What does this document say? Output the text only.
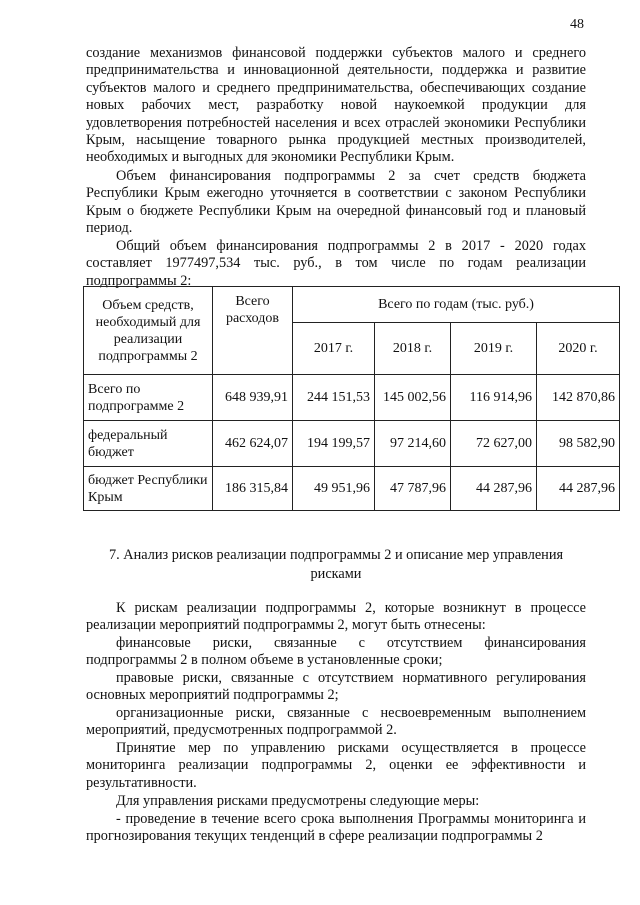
48

создание механизмов финансовой поддержки субъектов малого и среднего предпринимательства и инновационной деятельности, поддержка и развитие субъектов малого и среднего предпринимательства, обеспечивающих создание новых рабочих мест, разработку новой наукоемкой продукции для удовлетворения потребностей населения и всех отраслей экономики Республики Крым, насыщение товарного рынка продукцией местных производителей, необходимых и выгодных для экономики Республики Крым.

Объем финансирования подпрограммы 2 за счет средств бюджета Республики Крым ежегодно уточняется в соответствии с законом Республики Крым о бюджете Республики Крым на очередной финансовый год и плановый период.

Общий объем финансирования подпрограммы 2 в 2017 - 2020 годах составляет 1977497,534 тыс. руб., в том числе по годам реализации подпрограммы 2:

Объем средств, необходимый для реализации подпрограммы 2	Всего расходов	Всего по годам (тыс. руб.)			
		2017 г.	2018 г.	2019 г.	2020 г.
Всего по подпрограмме 2	648 939,91	244 151,53	145 002,56	116 914,96	142 870,86
федеральный бюджет	462 624,07	194 199,57	97 214,60	72 627,00	98 582,90
бюджет Республики Крым	186 315,84	49 951,96	47 787,96	44 287,96	44 287,96

7. Анализ рисков реализации подпрограммы 2 и описание мер управления рисками

К рискам реализации подпрограммы 2, которые возникнут в процессе реализации мероприятий подпрограммы 2, могут быть отнесены:

финансовые риски, связанные с отсутствием финансирования подпрограммы 2 в полном объеме в установленные сроки;

правовые риски, связанные с отсутствием нормативного регулирования основных мероприятий подпрограммы 2;

организационные риски, связанные с несвоевременным выполнением мероприятий, предусмотренных подпрограммой 2.

Принятие мер по управлению рисками осуществляется в процессе мониторинга реализации подпрограммы 2, оценки ее эффективности и результативности.

Для управления рисками предусмотрены следующие меры:

- проведение в течение всего срока выполнения Программы мониторинга и прогнозирования текущих тенденций в сфере реализации подпрограммы 2
